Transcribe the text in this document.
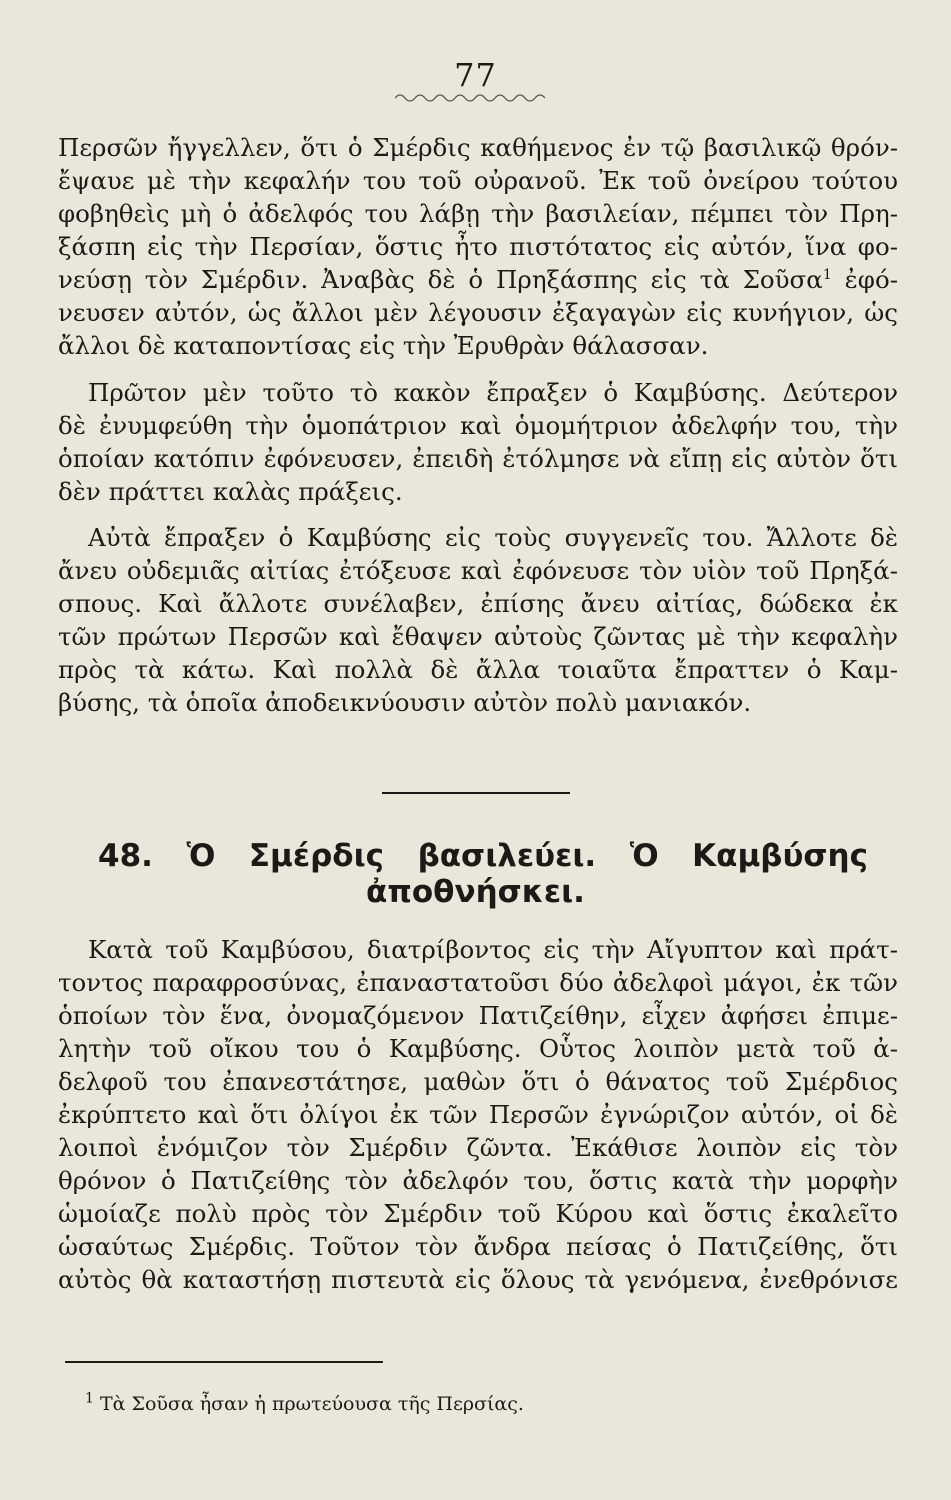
77
Περσῶν ἤγγελλεν, ὅτι ὁ Σμέρδις καθήμενος ἐν τῷ βασιλικῷ θρόν-
ἔψαυε μὲ τὴν κεφαλήν του τοῦ οὐρανοῦ. Ἐκ τοῦ ὀνείρου τούτου
φοβηθεὶς μὴ ὁ ἀδελφός του λάβῃ τὴν βασιλείαν, πέμπει τὸν Πρη-
ξάσπη εἰς τὴν Περσίαν, ὅστις ἦτο πιστότατος εἰς αὐτόν, ἵνα φο-
νεύσῃ τὸν Σμέρδιν. Ἀναβὰς δὲ ὁ Πρηξάσπης εἰς τὰ Σοῦσα$^1$ ἐφό-
νευσεν αὐτόν, ὡς ἄλλοι μὲν λέγουσιν ἐξαγαγὼν εἰς κυνήγιον, ὡς
ἄλλοι δὲ καταποντίσας εἰς τὴν Ἐρυθρὰν θάλασσαν.
Πρῶτον μὲν τοῦτο τὸ κακὸν ἔπραξεν ὁ Καμβύσης. Δεύτερον
δὲ ἐνυμφεύθη τὴν ὁμοπάτριον καὶ ὁμομήτριον ἀδελφήν του, τὴν
ὁποίαν κατόπιν ἐφόνευσεν, ἐπειδὴ ἐτόλμησε νὰ εἴπῃ εἰς αὐτὸν ὅτι
δὲν πράττει καλὰς πράξεις.
Αὐτὰ ἔπραξεν ὁ Καμβύσης εἰς τοὺς συγγενεῖς του. Ἄλλοτε δὲ
ἄνευ οὐδεμιᾶς αἰτίας ἐτόξευσε καὶ ἐφόνευσε τὸν υἱὸν τοῦ Πρηξά-
σπους. Καὶ ἄλλοτε συνέλαβεν, ἐπίσης ἄνευ αἰτίας, δώδεκα ἐκ
τῶν πρώτων Περσῶν καὶ ἔθαψεν αὐτοὺς ζῶντας μὲ τὴν κεφαλὴν
πρὸς τὰ κάτω. Καὶ πολλὰ δὲ ἄλλα τοιαῦτα ἔπραττεν ὁ Καμ-
βύσης, τὰ ὁποῖα ἀποδεικνύουσιν αὐτὸν πολὺ μανιακόν.
48. Ὁ Σμέρδις βασιλεύει. Ὁ Καμβύσης
ἀποθνήσκει.
Κατὰ τοῦ Καμβύσου, διατρίβοντος εἰς τὴν Αἴγυπτον καὶ πράτ-
τοντος παραφροσύνας, ἐπαναστατοῦσι δύο ἀδελφοὶ μάγοι, ἐκ τῶν
ὁποίων τὸν ἕνα, ὀνομαζόμενον Πατιζείθην, εἶχεν ἀφήσει ἐπιμε-
λητὴν τοῦ οἴκου του ὁ Καμβύσης. Οὗτος λοιπὸν μετὰ τοῦ ἀ-
δελφοῦ του ἐπανεστάτησε, μαθὼν ὅτι ὁ θάνατος τοῦ Σμέρδιος
ἐκρύπτετο καὶ ὅτι ὀλίγοι ἐκ τῶν Περσῶν ἐγνώριζον αὐτόν, οἱ δὲ
λοιποὶ ἐνόμιζον τὸν Σμέρδιν ζῶντα. Ἐκάθισε λοιπὸν εἰς τὸν
θρόνον ὁ Πατιζείθης τὸν ἀδελφόν του, ὅστις κατὰ τὴν μορφὴν
ὡμοίαζε πολὺ πρὸς τὸν Σμέρδιν τοῦ Κύρου καὶ ὅστις ἐκαλεῖτο
ὡσαύτως Σμέρδις. Τοῦτον τὸν ἄνδρα πείσας ὁ Πατιζείθης, ὅτι
αὐτὸς θὰ καταστήσῃ πιστευτὰ εἰς ὅλους τὰ γενόμενα, ἐνεθρόνισε
$^1$ Τὰ Σοῦσα ἦσαν ἡ πρωτεύουσα τῆς Περσίας.
